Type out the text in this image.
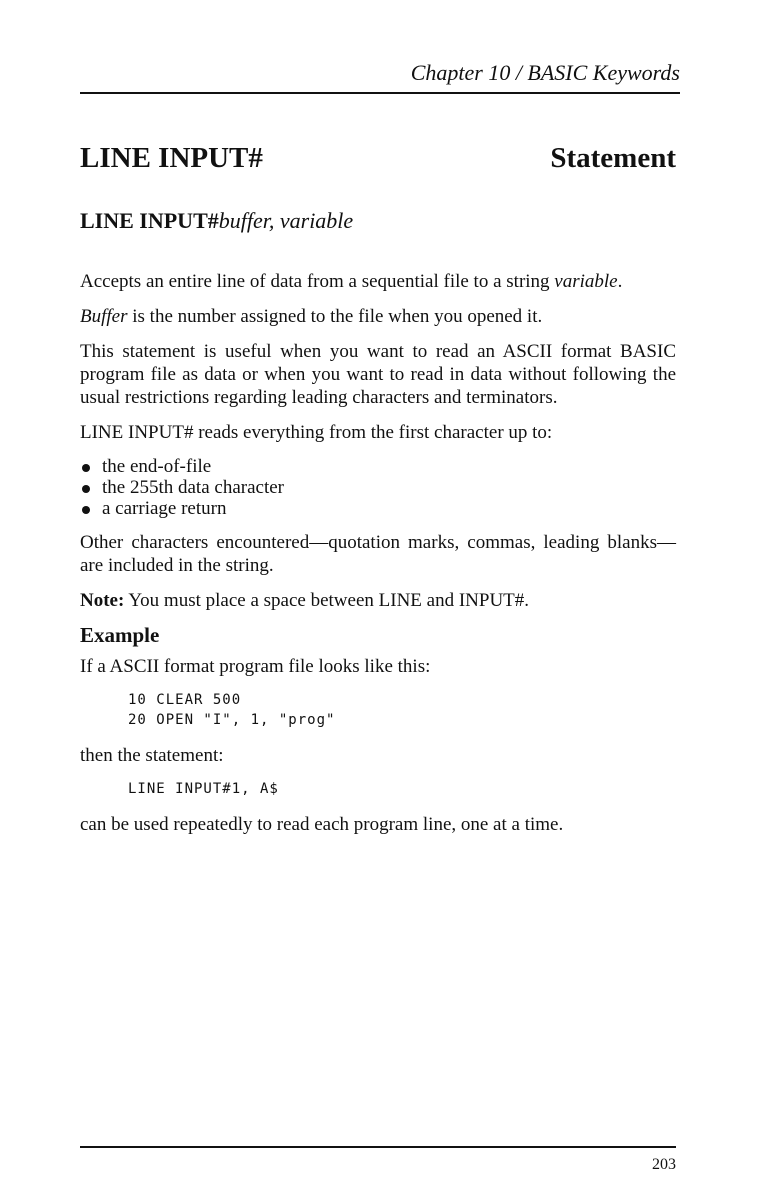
Chapter 10 / BASIC Keywords
LINE INPUT#	Statement
LINE INPUT#buffer, variable

Accepts an entire line of data from a sequential file to a string variable.

Buffer is the number assigned to the file when you opened it.

This statement is useful when you want to read an ASCII format BASIC program file as data or when you want to read in data without following the usual restrictions regarding leading characters and terminators.

LINE INPUT# reads everything from the first character up to:

the end-of-file
the 255th data character
a carriage return

Other characters encountered—quotation marks, commas, leading blanks—are included in the string.

Note: You must place a space between LINE and INPUT#.

Example

If a ASCII format program file looks like this:

10 CLEAR 500
20 OPEN "I", 1, "prog"

then the statement:

LINE INPUT#1, A$

can be used repeatedly to read each program line, one at a time.

203
